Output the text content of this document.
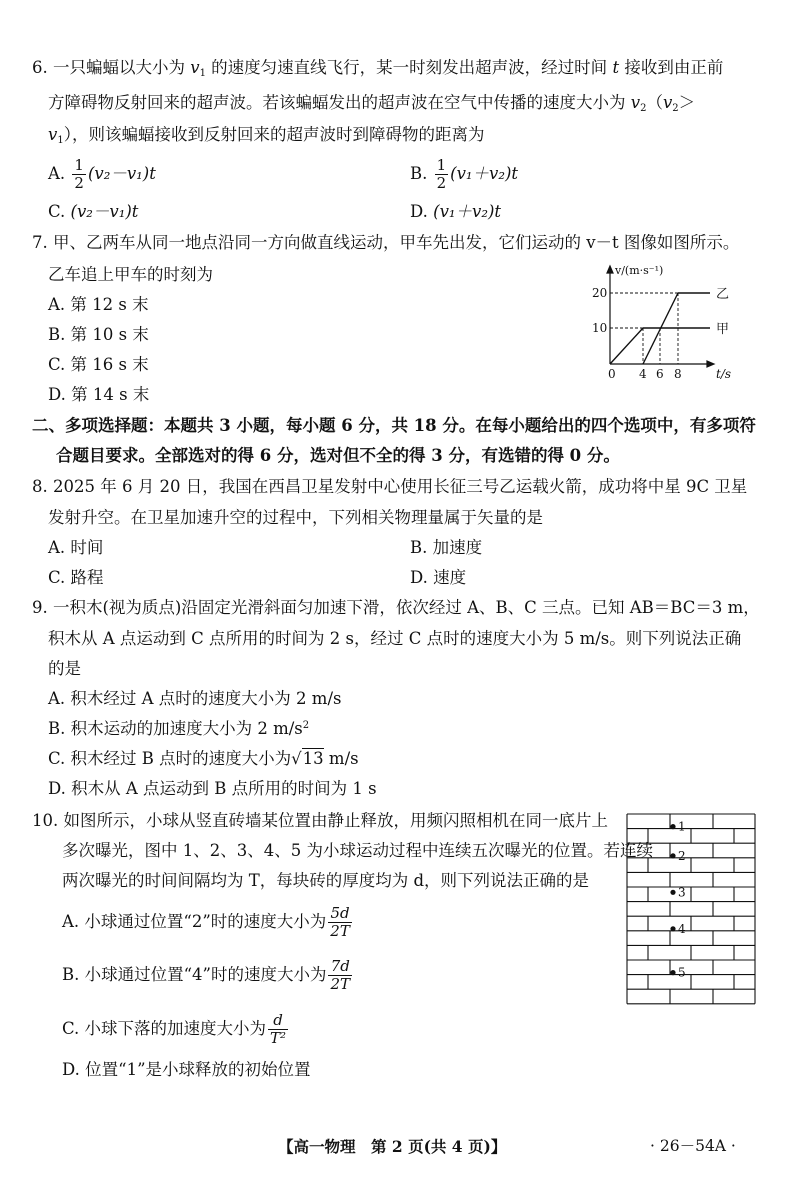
6. 一只蝙蝠以大小为 $v_1$ 的速度匀速直线飞行，某一时刻发出超声波，经过时间 t 接收到由正前
方障碍物反射回来的超声波。若该蝙蝠发出的超声波在空气中传播的速度大小为 $v_2(v_2>$
$v_1$），则该蝙蝠接收到反射回来的超声波时到障碍物的距离为
A. $\frac{1}{2} (v_2-v_1)t$	B. $\frac{1}{2} (v_1+v_2)t$
C. (v₂－v₁)t	D. (v₁＋v₂)t
7. 甲、乙两车从同一地点沿同一方向做直线运动，甲车先出发，它们运动的 v－t 图像如图所示。
乙车追上甲车的时刻为
A. 第 12 s 末
B. 第 10 s 末
C. 第 16 s 末
D. 第 14 s 末
v/(m·s⁻¹)
20
10
0 4 6 8	t/s
乙
甲
二、多项选择题：本题共 3 小题，每小题 6 分，共 18 分。在每小题给出的四个选项中，有多项符
合题目要求。全部选对的得 6 分，选对但不全的得 3 分，有选错的得 0 分。
8. 2025 年 6 月 20 日，我国在西昌卫星发射中心使用长征三号乙运载火箭，成功将中星 9C 卫星
发射升空。在卫星加速升空的过程中，下列相关物理量属于矢量的是
A. 时间	B. 加速度
C. 路程	D. 速度
9. 一积木(视为质点)沿固定光滑斜面匀加速下滑，依次经过 A、B、C 三点。已知 AB＝BC＝3 m，
积木从 A 点运动到 C 点所用的时间为 2 s，经过 C 点时的速度大小为 5 m/s。则下列说法正确
的是
A. 积木经过 A 点时的速度大小为 2 m/s
B. 积木运动的加速度大小为 2 $m/s^2$
C. 积木经过 B 点时的速度大小为√13 m/s
D. 积木从 A 点运动到 B 点所用的时间为 1 s
10. 如图所示，小球从竖直砖墙某位置由静止释放，用频闪照相机在同一底片上
多次曝光，图中 1、2、3、4、5 为小球运动过程中连续五次曝光的位置。若连续
两次曝光的时间间隔均为 T，每块砖的厚度均为 d，则下列说法正确的是
A. 小球通过位置“2”时的速度大小为 $\frac{5d}{2T}$
B. 小球通过位置“4”时的速度大小为 $\frac{7d}{2T}$
C. 小球下落的加速度大小为 $\frac{d}{\text{T²}}$
D. 位置“1”是小球释放的初始位置
1
2
3
4
5
【高一物理　第 2 页(共 4 页)】	· 26－54A ·
